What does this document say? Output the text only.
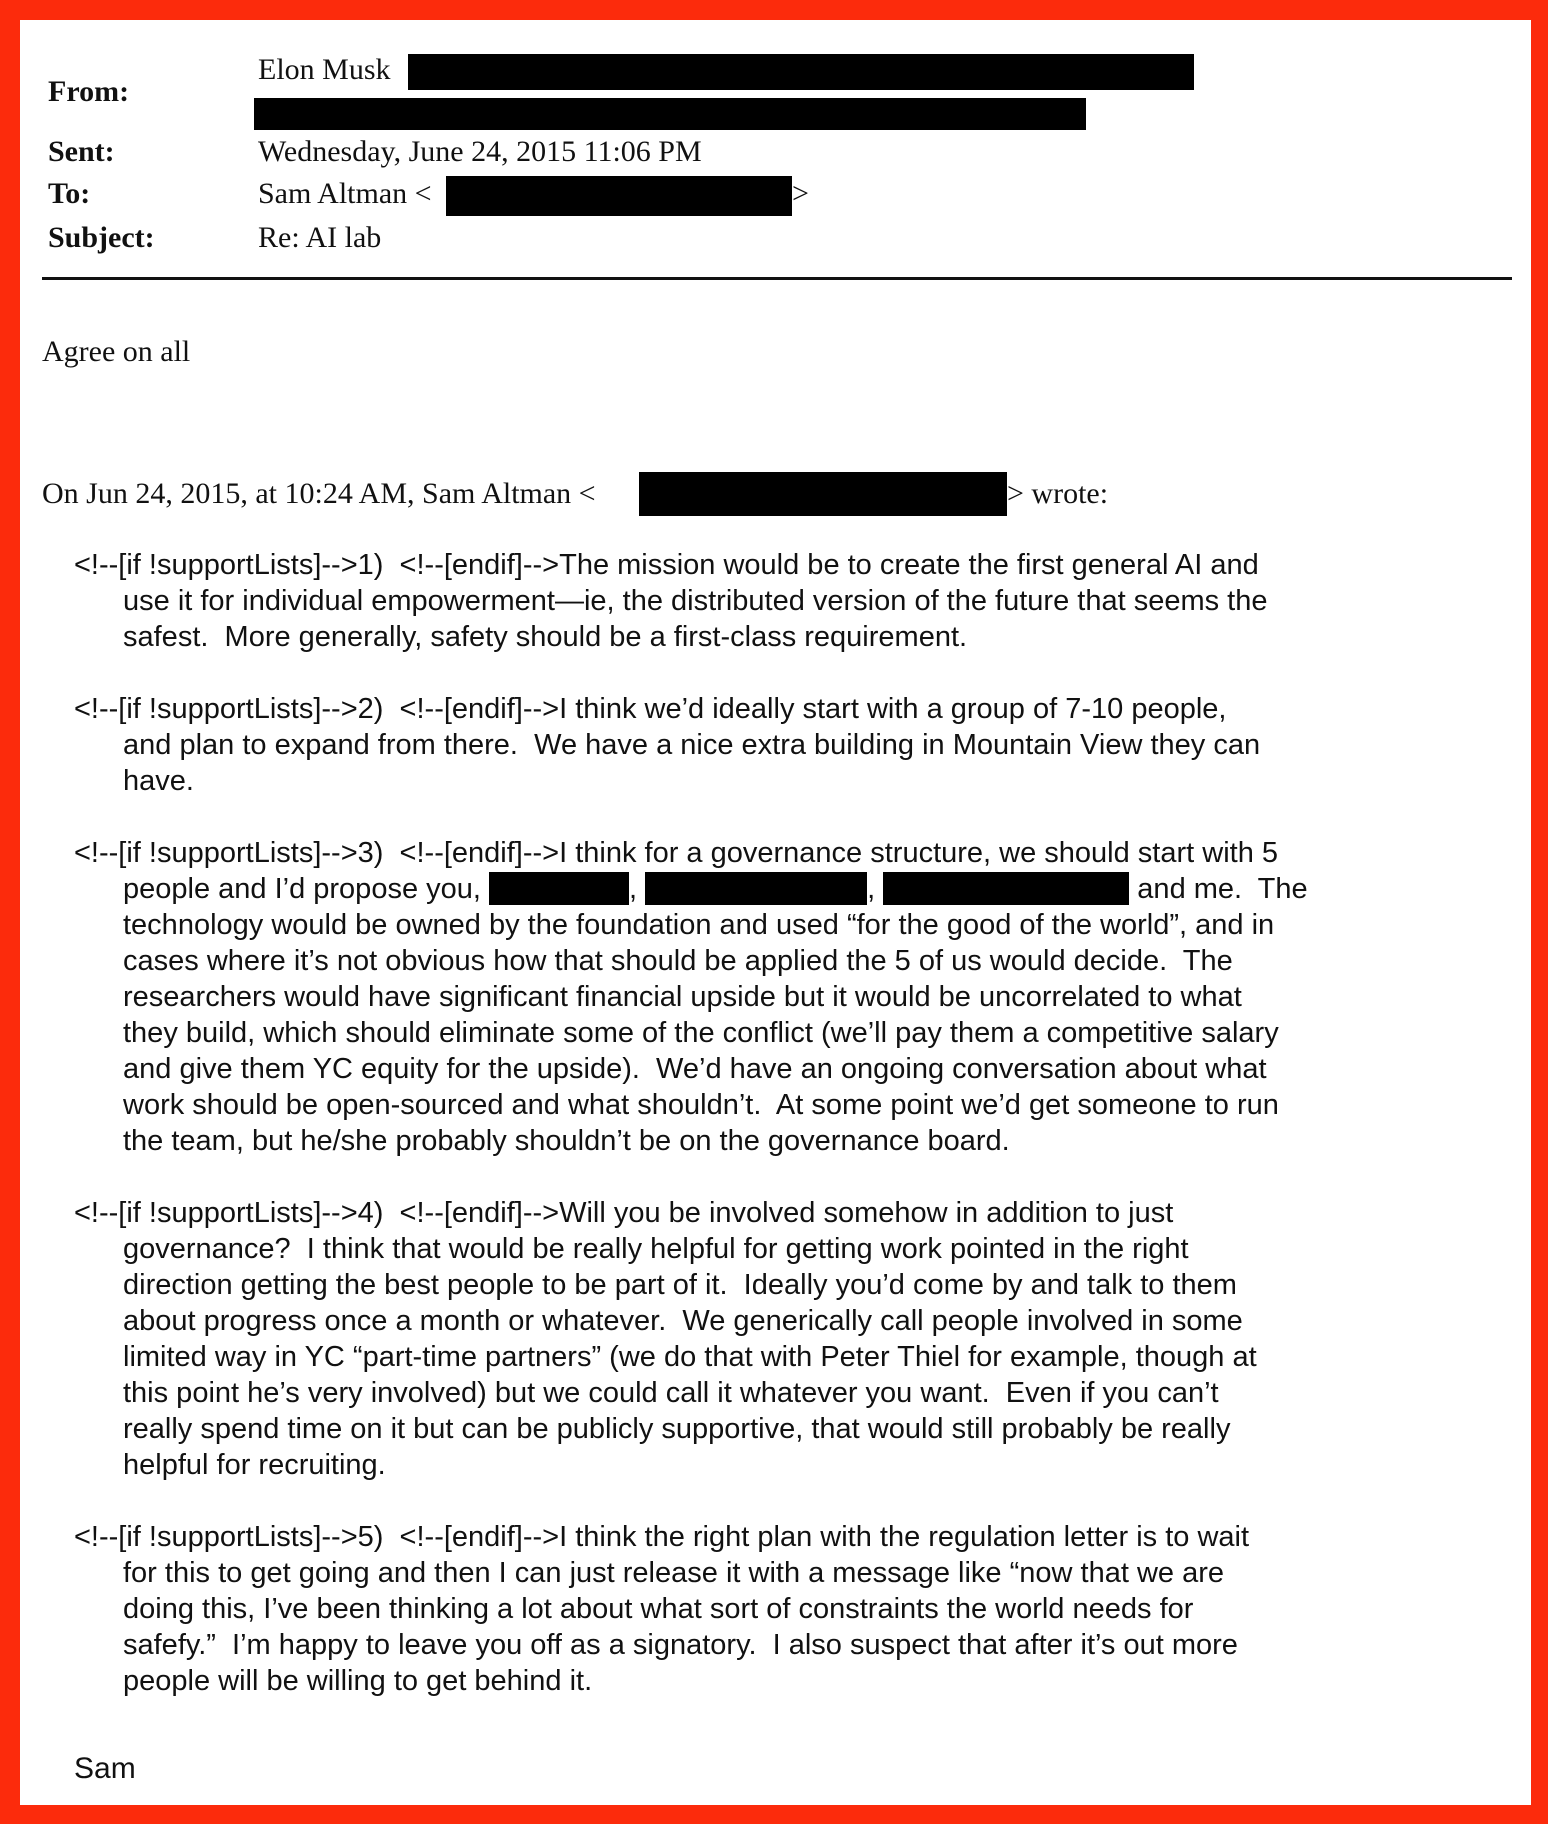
From:
Elon Musk
Sent:	Wednesday, June 24, 2015 11:06 PM
To:	Sam Altman <	>
Subject:	Re: AI lab
Agree on all
On Jun 24, 2015, at 10:24 AM, Sam Altman <	> wrote:
<!--[if !supportLists]-->1)  <!--[endif]-->The mission would be to create the first general AI and
use it for individual empowerment—ie, the distributed version of the future that seems the
safest.  More generally, safety should be a first-class requirement.
<!--[if !supportLists]-->2)  <!--[endif]-->I think we’d ideally start with a group of 7-10 people,
and plan to expand from there.  We have a nice extra building in Mountain View they can
have.
<!--[if !supportLists]-->3)  <!--[endif]-->I think for a governance structure, we should start with 5
people and I’d propose you,	,	,	and me.  The
technology would be owned by the foundation and used “for the good of the world”, and in
cases where it’s not obvious how that should be applied the 5 of us would decide.  The
researchers would have significant financial upside but it would be uncorrelated to what
they build, which should eliminate some of the conflict (we’ll pay them a competitive salary
and give them YC equity for the upside).  We’d have an ongoing conversation about what
work should be open-sourced and what shouldn’t.  At some point we’d get someone to run
the team, but he/she probably shouldn’t be on the governance board.
<!--[if !supportLists]-->4)  <!--[endif]-->Will you be involved somehow in addition to just
governance?  I think that would be really helpful for getting work pointed in the right
direction getting the best people to be part of it.  Ideally you’d come by and talk to them
about progress once a month or whatever.  We generically call people involved in some
limited way in YC “part-time partners” (we do that with Peter Thiel for example, though at
this point he’s very involved) but we could call it whatever you want.  Even if you can’t
really spend time on it but can be publicly supportive, that would still probably be really
helpful for recruiting.
<!--[if !supportLists]-->5)  <!--[endif]-->I think the right plan with the regulation letter is to wait
for this to get going and then I can just release it with a message like “now that we are
doing this, I’ve been thinking a lot about what sort of constraints the world needs for
safefy.”  I’m happy to leave you off as a signatory.  I also suspect that after it’s out more
people will be willing to get behind it.
Sam
